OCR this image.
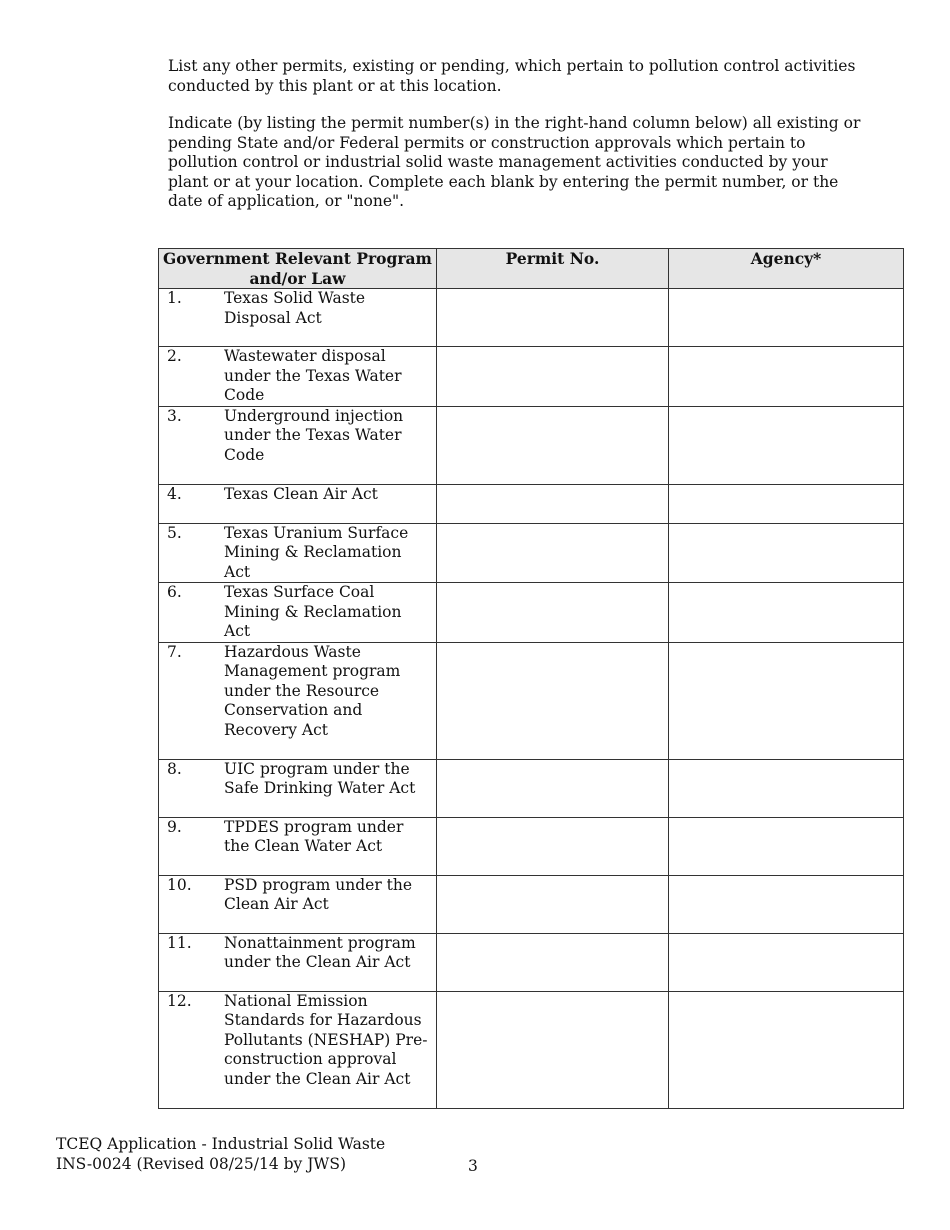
List any other permits, existing or pending, which pertain to pollution control activities conducted by this plant or at this location.

Indicate (by listing the permit number(s) in the right-hand column below) all existing or pending State and/or Federal permits or construction approvals which pertain to pollution control or industrial solid waste management activities conducted by your plant or at your location. Complete each blank by entering the permit number, or the date of application, or "none".

Government Relevant Program and/or Law	Permit No.	Agency*

1. Texas Solid Waste Disposal Act		

2. Wastewater disposal under the Texas Water Code		

3. Underground injection under the Texas Water Code		

4. Texas Clean Air Act		

5. Texas Uranium Surface Mining & Reclamation Act		

6. Texas Surface Coal Mining & Reclamation Act		

7. Hazardous Waste Management program under the Resource Conservation and Recovery Act		

8. UIC program under the Safe Drinking Water Act		

9. TPDES program under the Clean Water Act		

10. PSD program under the Clean Air Act		

11. Nonattainment program under the Clean Air Act		

12. National Emission Standards for Hazardous Pollutants (NESHAP) Pre-construction approval under the Clean Air Act		

TCEQ Application - Industrial Solid Waste
INS-0024 (Revised 08/25/14 by JWS)	3
